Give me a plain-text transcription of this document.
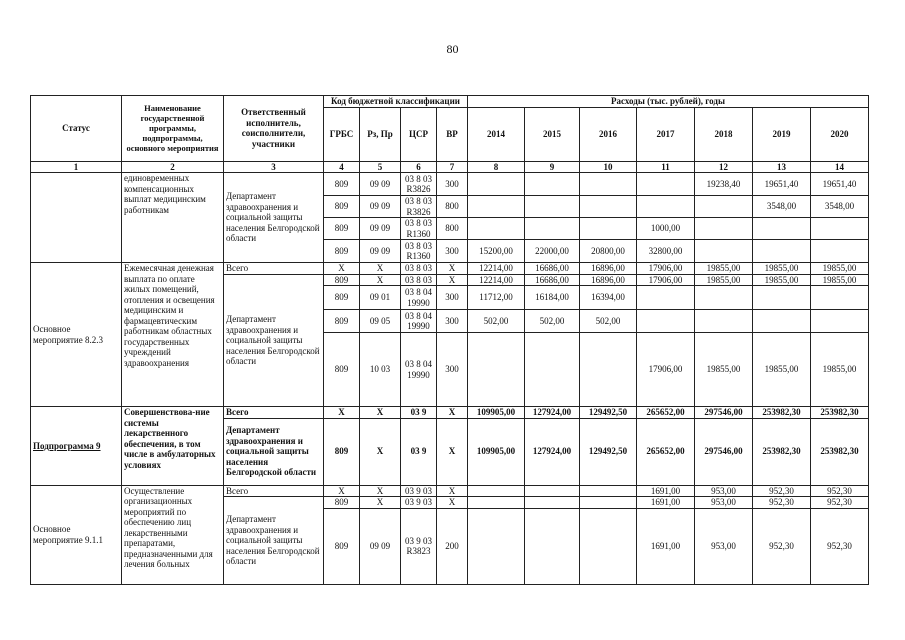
80
Статус	Наименование государственной программы, подпрограммы, основного мероприятия	Ответственный исполнитель, соисполнители, участники	Код бюджетной классификации				Расходы (тыс. рублей), годы						
			ГРБС	Рз, Пр	ЦСР	ВР	2014	2015	2016	2017	2018	2019	2020
1	2	3	4	5	6	7	8	9	10	11	12	13	14
	единовременных компенсационных выплат медицинским работникам	Департамент здравоохранения и социальной защиты населения Белгородской области	809	09 09	03 8 03 R3826	300					19238,40	19651,40	19651,40
			809	09 09	03 8 03 R3826	800						3548,00	3548,00
			809	09 09	03 8 03 R1360	800				1000,00			
			809	09 09	03 8 03 R1360	300	15200,00	22000,00	20800,00	32800,00			
Основное мероприятие 8.2.3	Ежемесячная денежная выплата по оплате жилых помещений, отопления и освещения медицинским и фармацевтическим работникам областных государственных учреждений здравоохранения	Всего	X	X	03 8 03	X	12214,00	16686,00	16896,00	17906,00	19855,00	19855,00	19855,00
		Департамент здравоохранения и социальной защиты населения Белгородской области	809	X	03 8 03	X	12214,00	16686,00	16896,00	17906,00	19855,00	19855,00	19855,00
			809	09 01	03 8 04 19990	300	11712,00	16184,00	16394,00				
			809	09 05	03 8 04 19990	300	502,00	502,00	502,00				
			809	10 03	03 8 04 19990	300				17906,00	19855,00	19855,00	19855,00
Подпрограмма 9	Совершенствова-ние системы лекарственного обеспечения, в том числе в амбулаторных условиях	Всего	X	X	03 9	X	109905,00	127924,00	129492,50	265652,00	297546,00	253982,30	253982,30
		Департамент здравоохранения и социальной защиты населения Белгородской области	809	X	03 9	X	109905,00	127924,00	129492,50	265652,00	297546,00	253982,30	253982,30
Основное мероприятие 9.1.1	Осуществление организационных мероприятий по обеспечению лиц лекарственными препаратами, предназначенными для лечения больных	Всего	X	X	03 9 03	X				1691,00	953,00	952,30	952,30
		Департамент здравоохранения и социальной защиты населения Белгородской области	809	X	03 9 03	X				1691,00	953,00	952,30	952,30
			809	09 09	03 9 03 R3823	200				1691,00	953,00	952,30	952,30
